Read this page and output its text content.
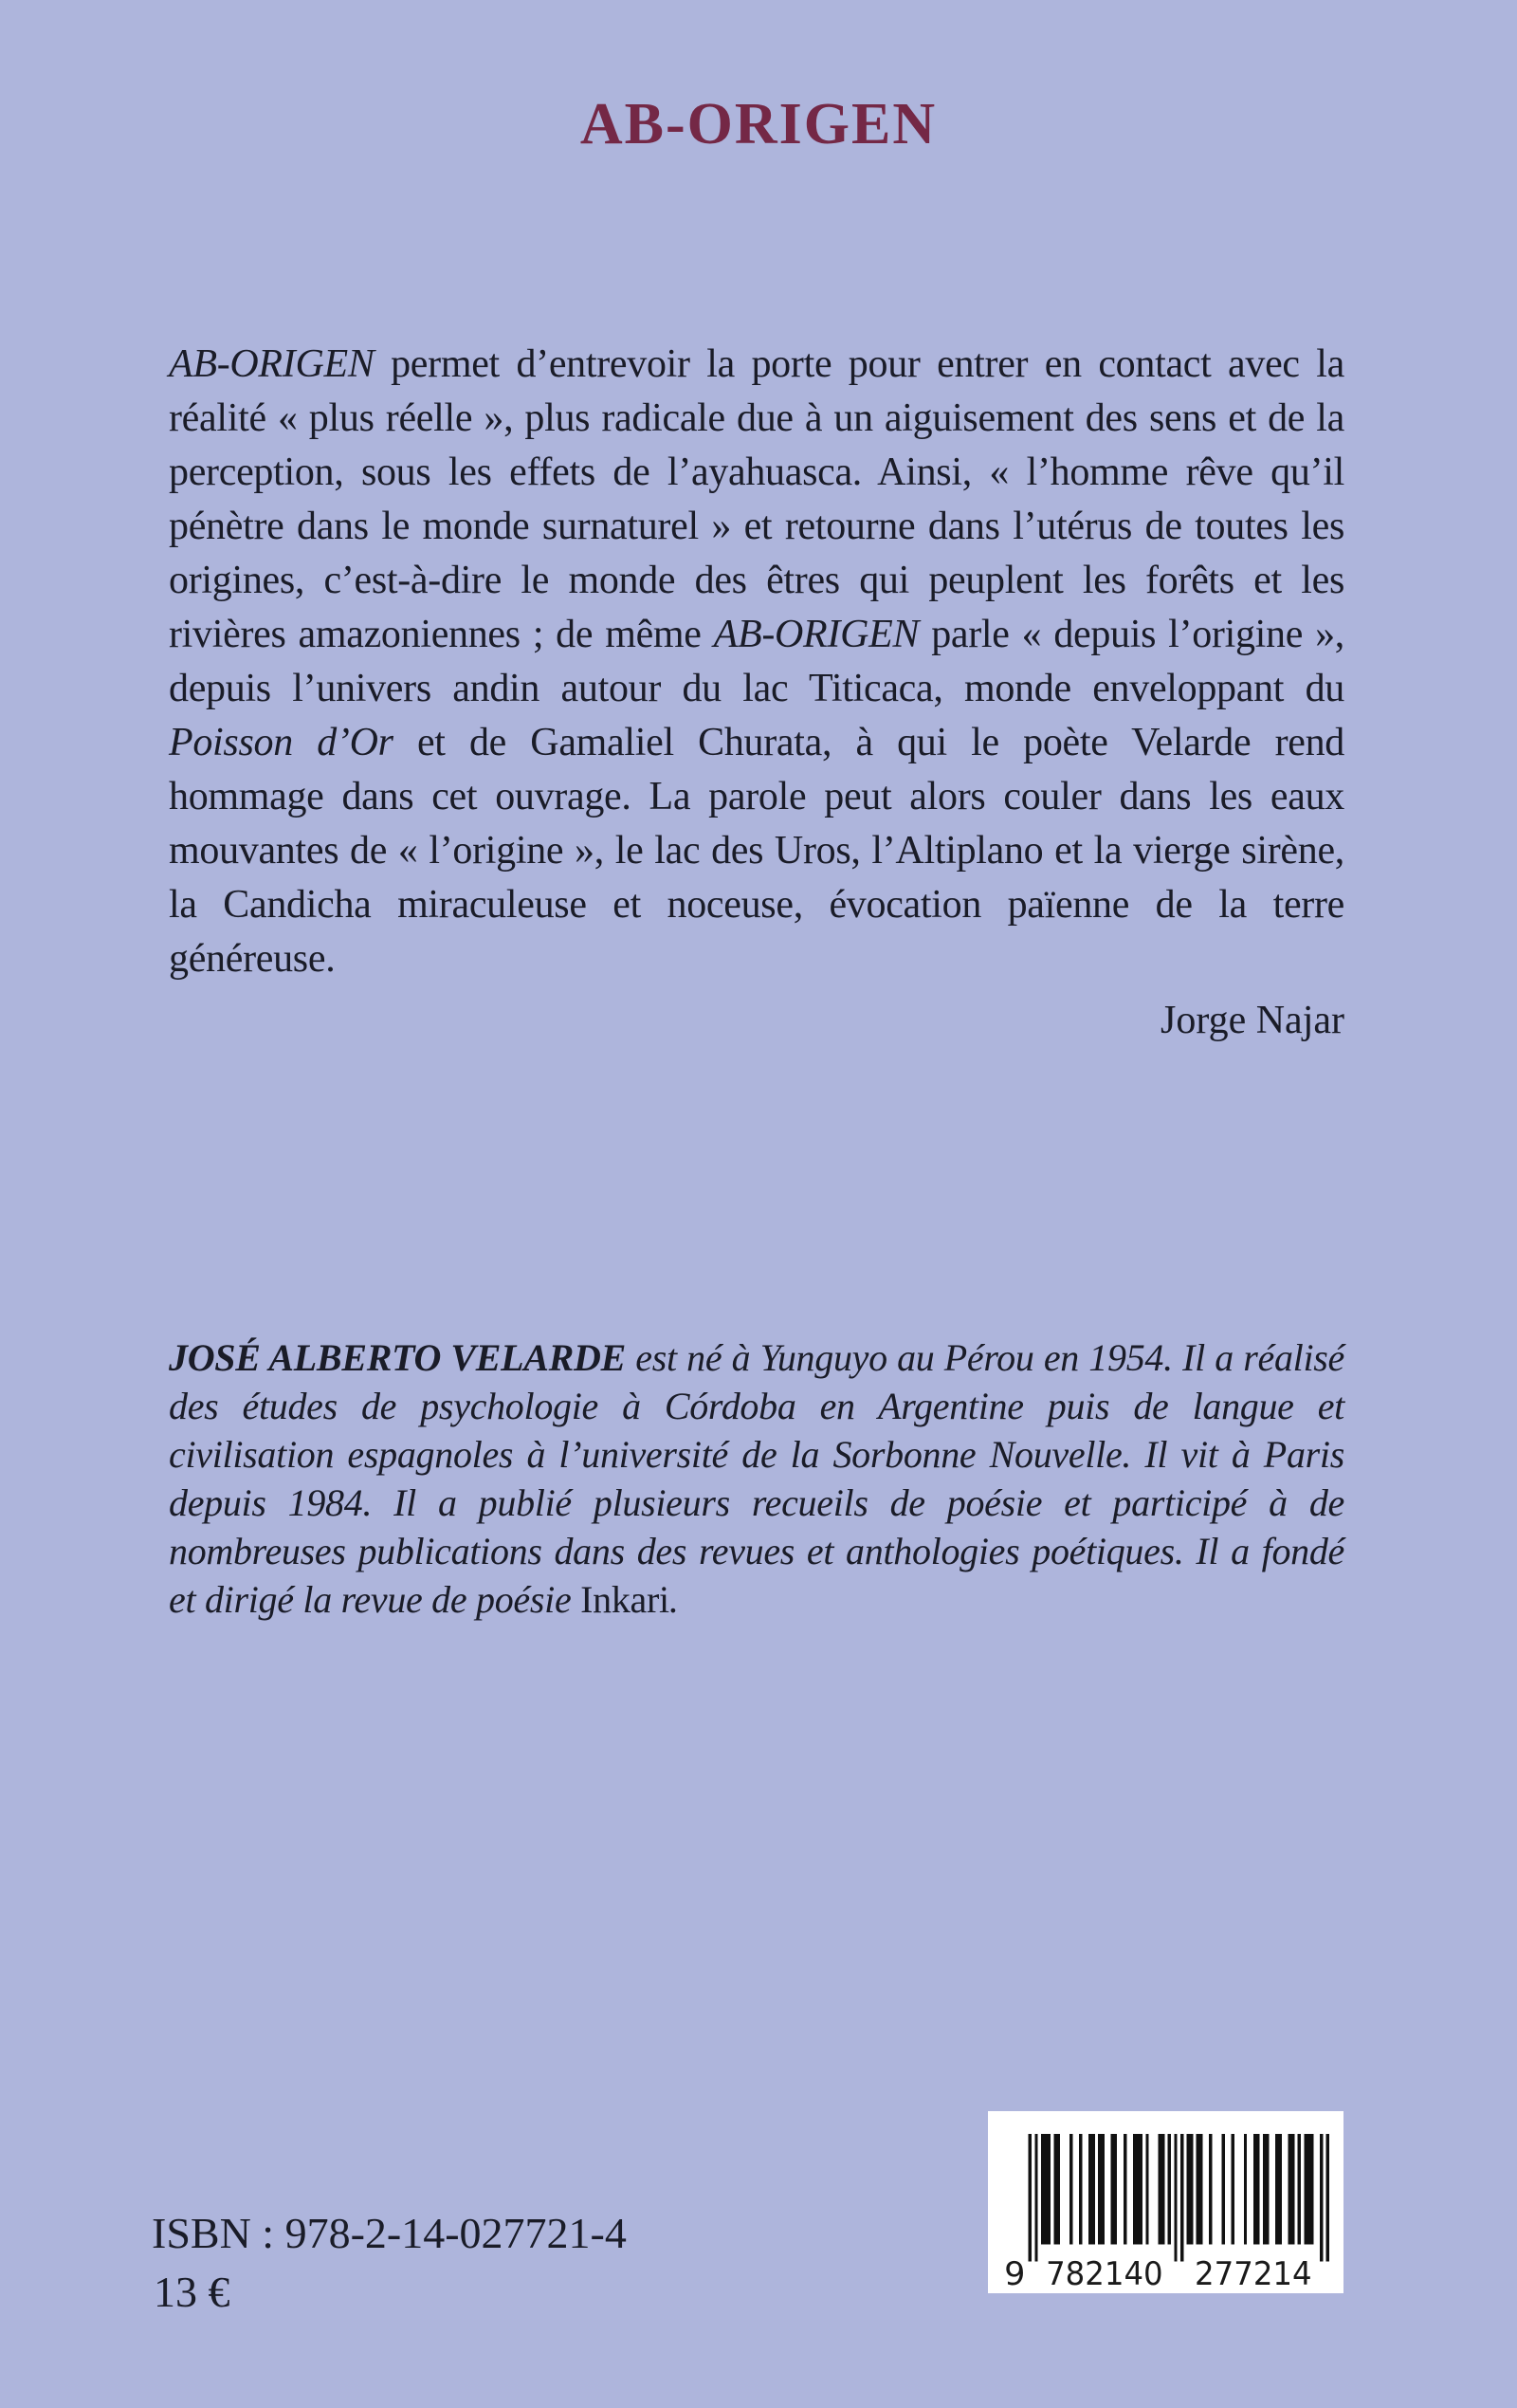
AB-ORIGEN

AB-ORIGEN permet d’entrevoir la porte pour entrer en contact avec la réalité « plus réelle », plus radicale due à un aiguisement des sens et de la perception, sous les effets de l’ayahuasca. Ainsi, « l’homme rêve qu’il pénètre dans le monde surnaturel » et retourne dans l’utérus de toutes les origines, c’est-à-dire le monde des êtres qui peuplent les forêts et les rivières amazoniennes ; de même AB-ORIGEN parle « depuis l’origine », depuis l’univers andin autour du lac Titicaca, monde enveloppant du Poisson d’Or et de Gamaliel Churata, à qui le poète Velarde rend hommage dans cet ouvrage. La parole peut alors couler dans les eaux mouvantes de « l’origine », le lac des Uros, l’Altiplano et la vierge sirène, la Candicha miraculeuse et noceuse, évocation païenne de la terre généreuse.

Jorge Najar

JOSÉ ALBERTO VELARDE est né à Yunguyo au Pérou en 1954. Il a réalisé des études de psychologie à Córdoba en Argentine puis de langue et civilisation espagnoles à l’université de la Sorbonne Nouvelle. Il vit à Paris depuis 1984. Il a publié plusieurs recueils de poésie et participé à de nombreuses publications dans des revues et anthologies poétiques. Il a fondé et dirigé la revue de poésie Inkari.

ISBN : 978-2-14-027721-4
13 €	9 782140	277214
